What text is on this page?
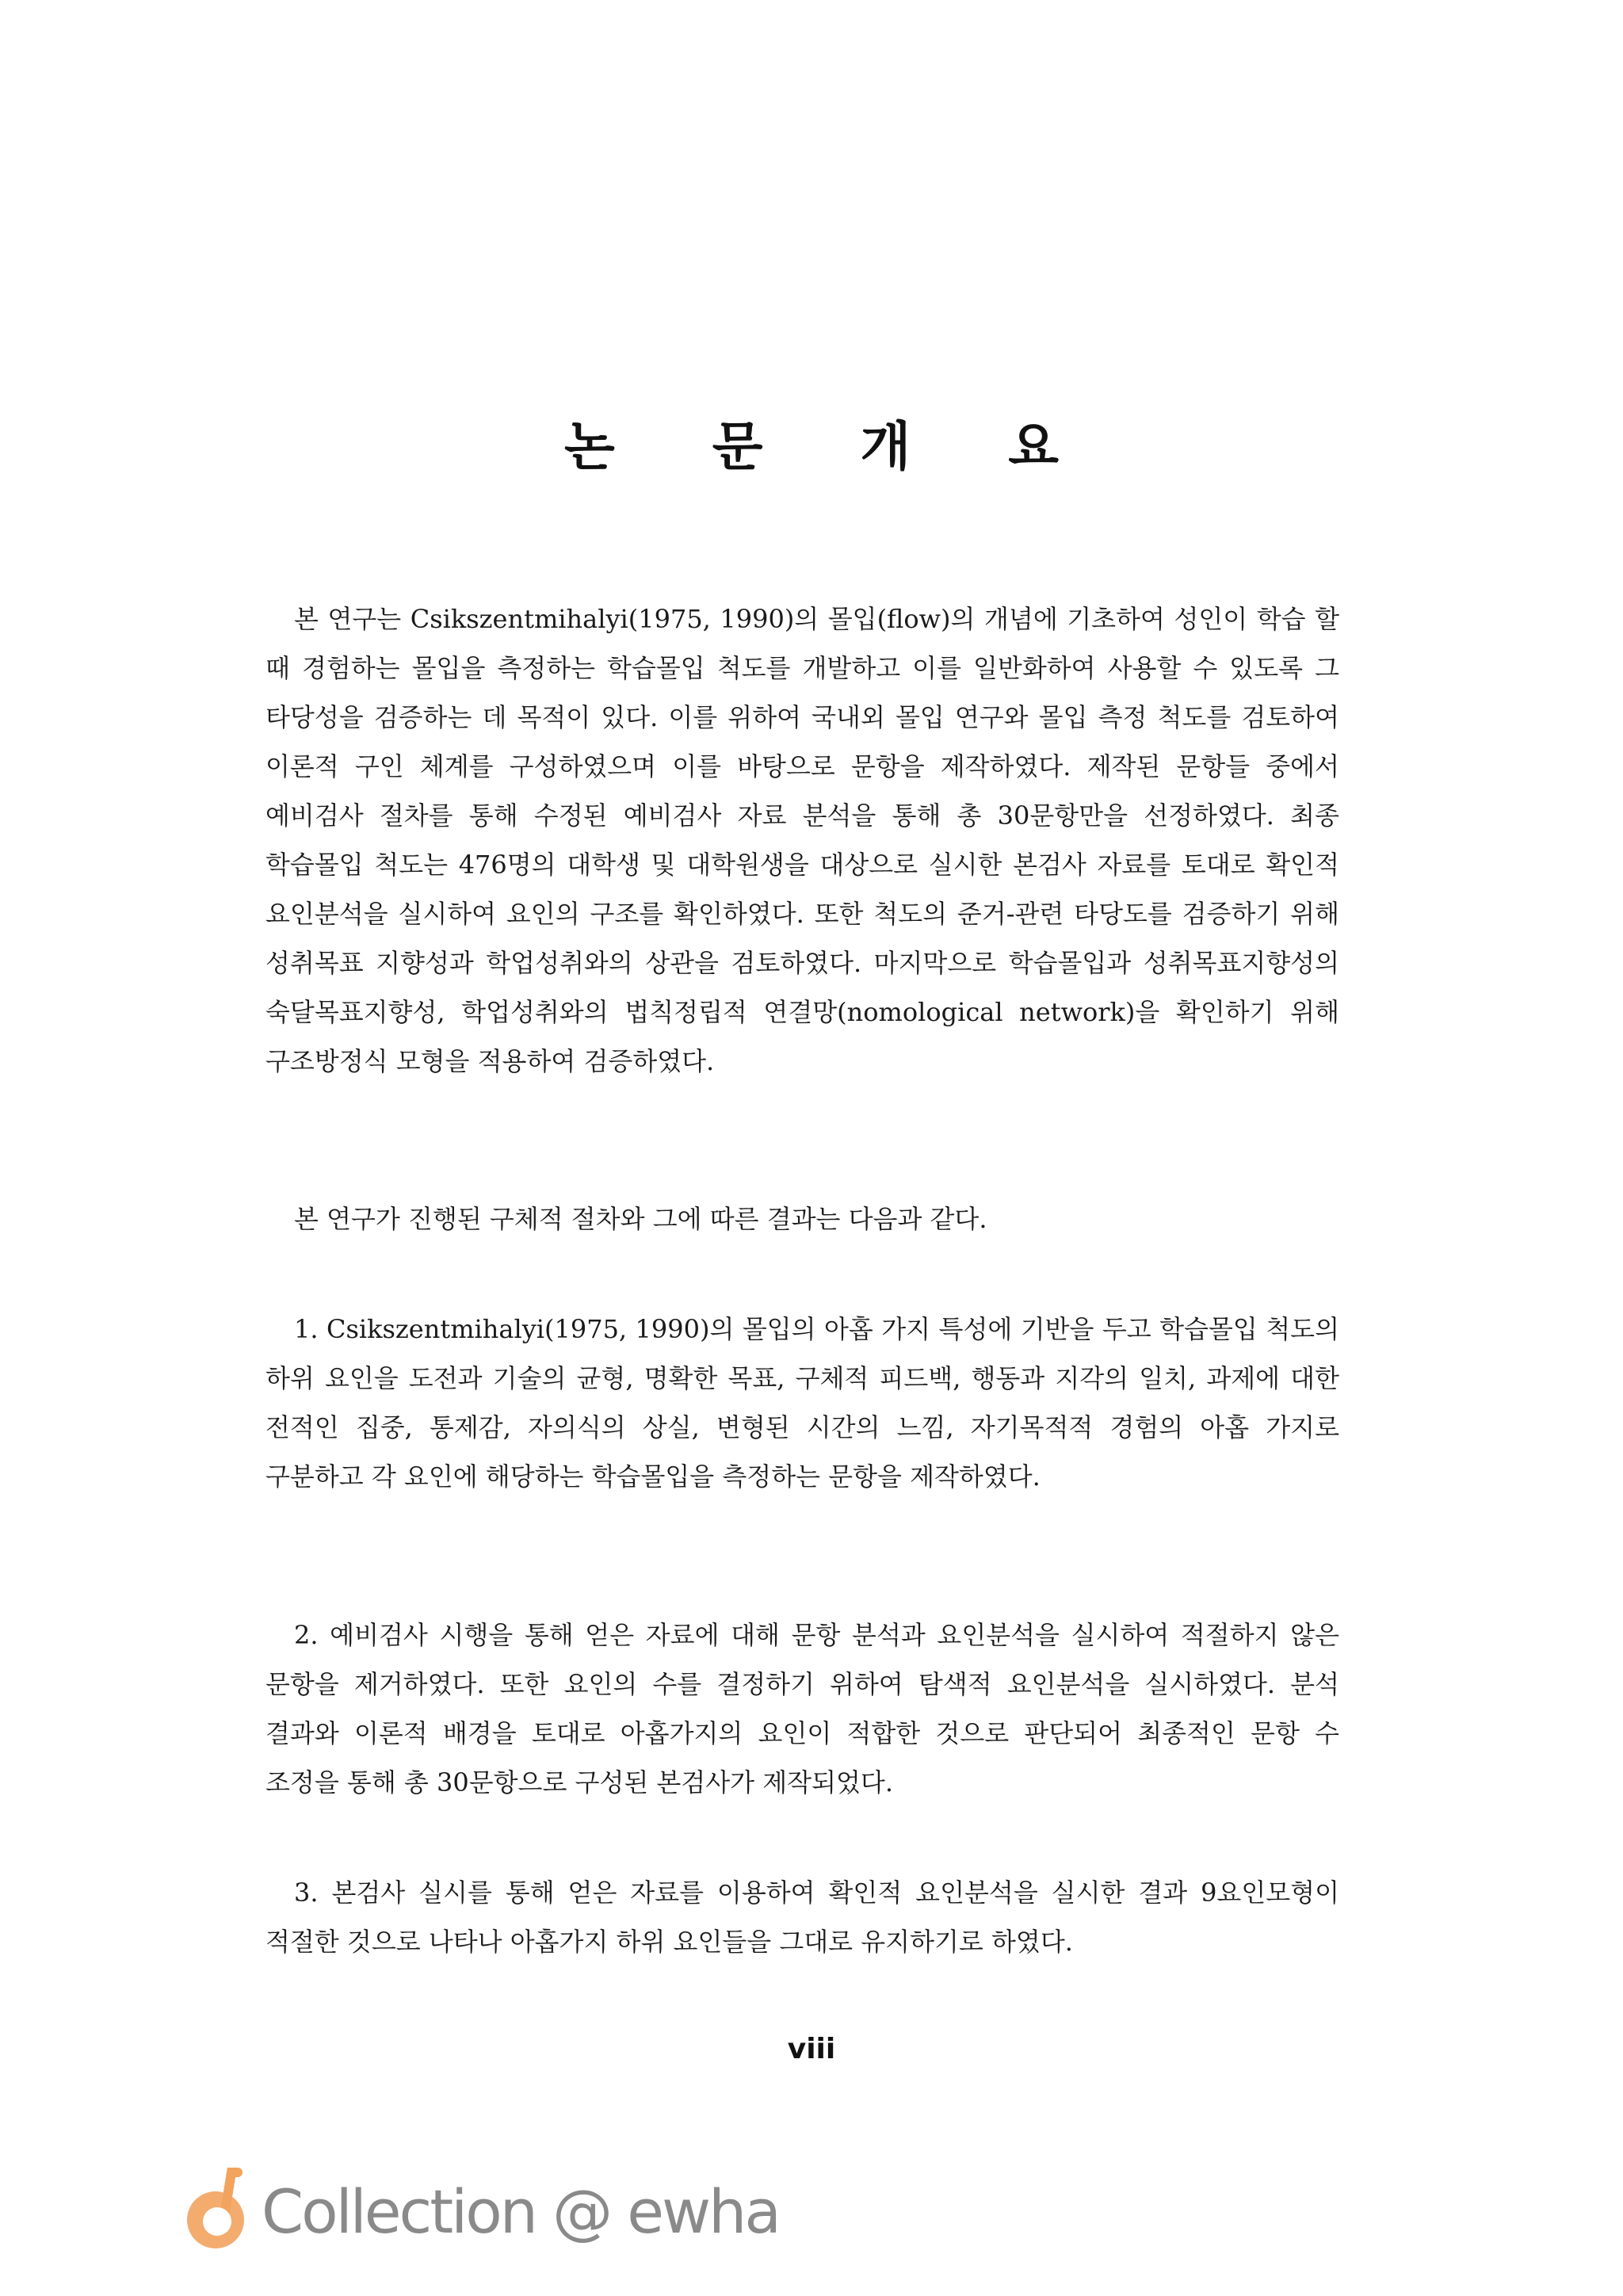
논 문 개 요

본 연구는 Csikszentmihalyi(1975, 1990)의 몰입(flow)의 개념에 기초하여 성인이 학습 할 때 경험하는 몰입을 측정하는 학습몰입 척도를 개발하고 이를 일반화하여 사용할 수 있도록 그 타당성을 검증하는 데 목적이 있다. 이를 위하여 국내외 몰입 연구와 몰입 측정 척도를 검토하여 이론적 구인 체계를 구성하였으며 이를 바탕으로 문항을 제작하였다. 제작된 문항들 중에서 예비검사 절차를 통해 수정된 예비검사 자료 분석을 통해 총 30문항만을 선정하였다. 최종 학습몰입 척도는 476명의 대학생 및 대학원생을 대상으로 실시한 본검사 자료를 토대로 확인적 요인분석을 실시하여 요인의 구조를 확인하였다. 또한 척도의 준거-관련 타당도를 검증하기 위해 성취목표 지향성과 학업성취와의 상관을 검토하였다. 마지막으로 학습몰입과 성취목표지향성의 숙달목표지향성, 학업성취와의 법칙정립적 연결망(nomological network)을 확인하기 위해 구조방정식 모형을 적용하여 검증하였다.

본 연구가 진행된 구체적 절차와 그에 따른 결과는 다음과 같다.

1. Csikszentmihalyi(1975, 1990)의 몰입의 아홉 가지 특성에 기반을 두고 학습몰입 척도의 하위 요인을 도전과 기술의 균형, 명확한 목표, 구체적 피드백, 행동과 지각의 일치, 과제에 대한 전적인 집중, 통제감, 자의식의 상실, 변형된 시간의 느낌, 자기목적적 경험의 아홉 가지로 구분하고 각 요인에 해당하는 학습몰입을 측정하는 문항을 제작하였다.

2. 예비검사 시행을 통해 얻은 자료에 대해 문항 분석과 요인분석을 실시하여 적절하지 않은 문항을 제거하였다. 또한 요인의 수를 결정하기 위하여 탐색적 요인분석을 실시하였다. 분석 결과와 이론적 배경을 토대로 아홉가지의 요인이 적합한 것으로 판단되어 최종적인 문항 수 조정을 통해 총 30문항으로 구성된 본검사가 제작되었다.

3. 본검사 실시를 통해 얻은 자료를 이용하여 확인적 요인분석을 실시한 결과 9요인모형이 적절한 것으로 나타나 아홉가지 하위 요인들을 그대로 유지하기로 하였다.

viii
Collection @ ewha
